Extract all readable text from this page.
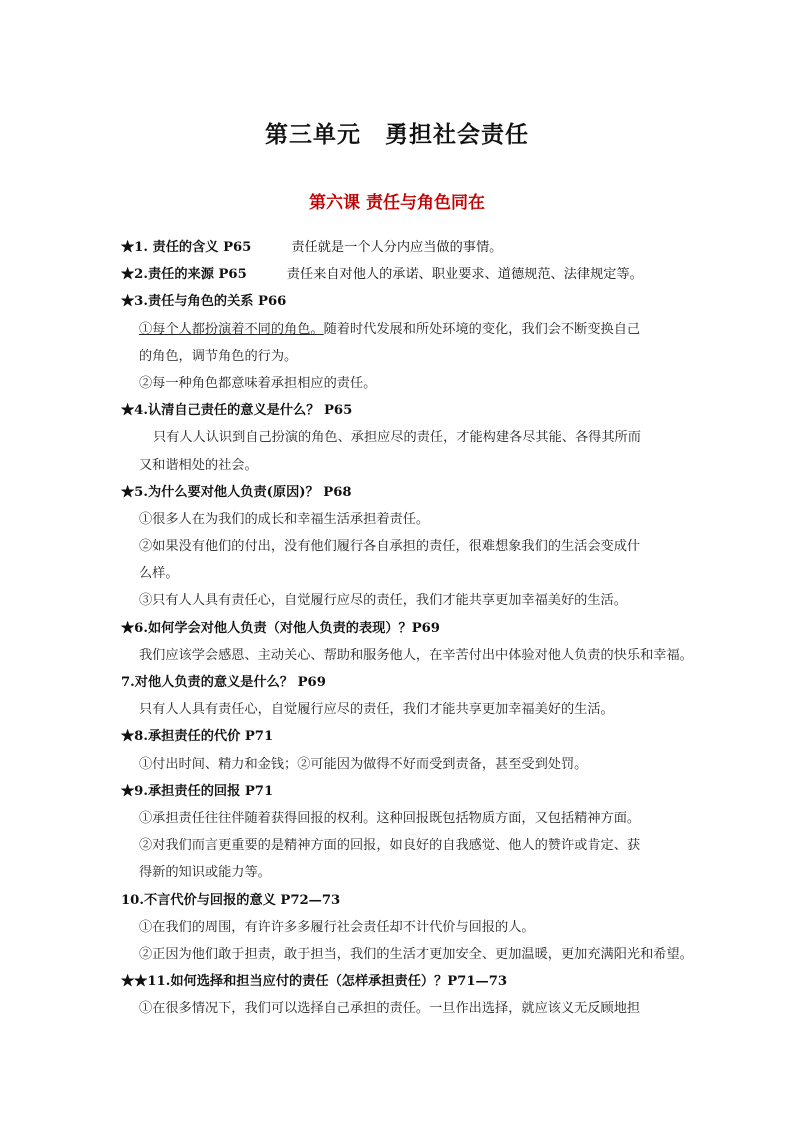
第三单元　勇担社会责任
第六课 责任与角色同在
★1. 责任的含义 P65	责任就是一个人分内应当做的事情。
★2.责任的来源 P65	责任来自对他人的承诺、职业要求、道德规范、法律规定等。
★3.责任与角色的关系 P66
①每个人都扮演着不同的角色。随着时代发展和所处环境的变化，我们会不断变换自己
的角色，调节角色的行为。
②每一种角色都意味着承担相应的责任。
★4.认清自己责任的意义是什么？ P65
只有人人认识到自己扮演的角色、承担应尽的责任，才能构建各尽其能、各得其所而
又和谐相处的社会。
★5.为什么要对他人负责(原因)？ P68
①很多人在为我们的成长和幸福生活承担着责任。
②如果没有他们的付出，没有他们履行各自承担的责任，很难想象我们的生活会变成什
么样。
③只有人人具有责任心，自觉履行应尽的责任，我们才能共享更加幸福美好的生活。
★6.如何学会对他人负责（对他人负责的表现）？P69
我们应该学会感恩、主动关心、帮助和服务他人，在辛苦付出中体验对他人负责的快乐和幸福。
7.对他人负责的意义是什么？ P69
只有人人具有责任心，自觉履行应尽的责任，我们才能共享更加幸福美好的生活。
★8.承担责任的代价 P71
①付出时间、精力和金钱；②可能因为做得不好而受到责备，甚至受到处罚。
★9.承担责任的回报 P71
①承担责任往往伴随着获得回报的权利。这种回报既包括物质方面，又包括精神方面。
②对我们而言更重要的是精神方面的回报，如良好的自我感觉、他人的赞许或肯定、获
得新的知识或能力等。
10.不言代价与回报的意义 P72—73
①在我们的周围，有许许多多履行社会责任却不计代价与回报的人。
②正因为他们敢于担责，敢于担当，我们的生活才更加安全、更加温暖，更加充满阳光和希望。
★★11.如何选择和担当应付的责任（怎样承担责任）？P71—73
①在很多情况下，我们可以选择自己承担的责任。一旦作出选择，就应该义无反顾地担
